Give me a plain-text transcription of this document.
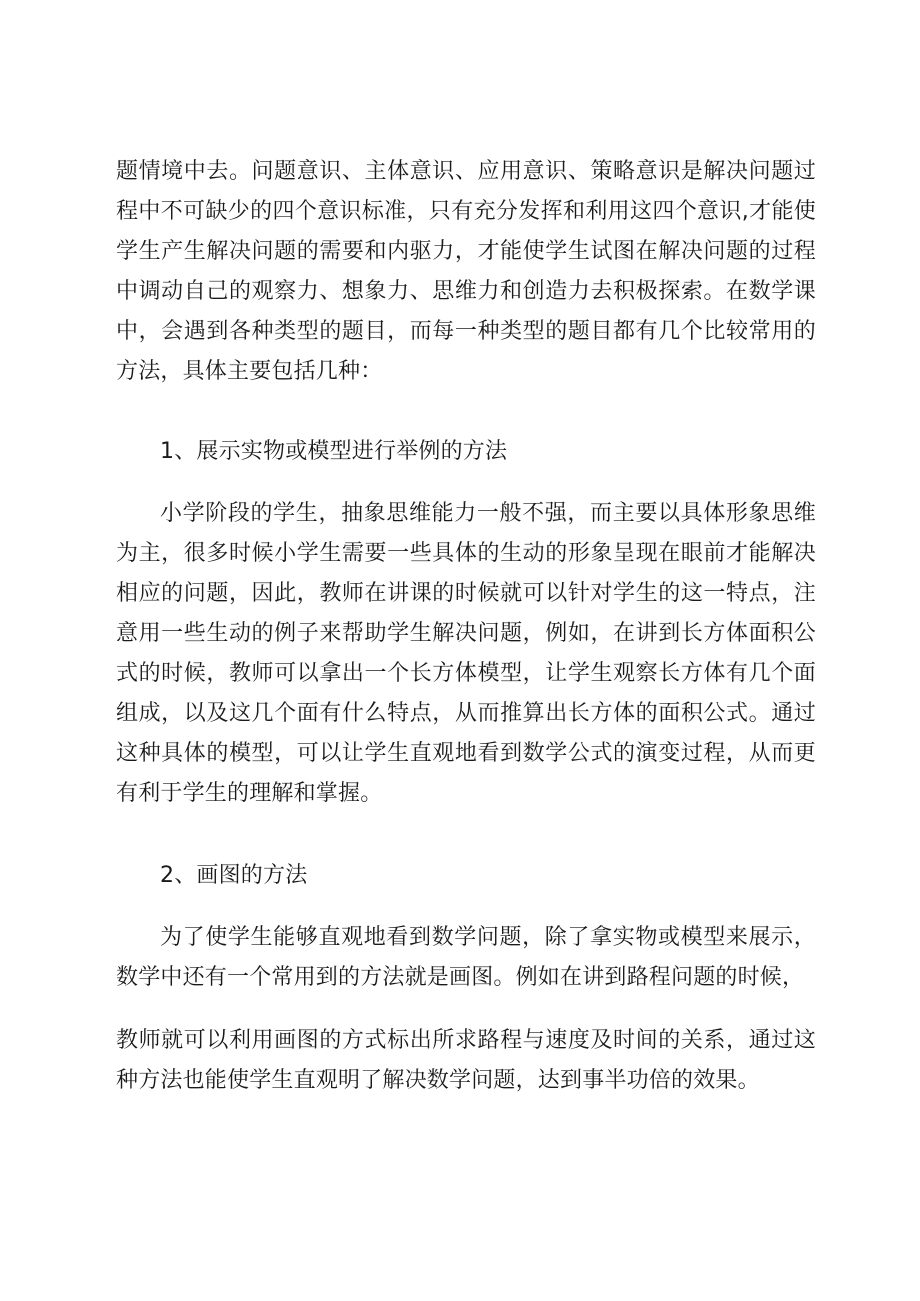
题情境中去。问题意识、主体意识、应用意识、策略意识是解决问题过程中不可缺少的四个意识标准，只有充分发挥和利用这四个意识,才能使学生产生解决问题的需要和内驱力，才能使学生试图在解决问题的过程中调动自己的观察力、想象力、思维力和创造力去积极探索。在数学课中，会遇到各种类型的题目，而每一种类型的题目都有几个比较常用的方法，具体主要包括几种：

1、展示实物或模型进行举例的方法

小学阶段的学生，抽象思维能力一般不强，而主要以具体形象思维为主，很多时候小学生需要一些具体的生动的形象呈现在眼前才能解决相应的问题，因此，教师在讲课的时候就可以针对学生的这一特点，注意用一些生动的例子来帮助学生解决问题，例如，在讲到长方体面积公式的时候，教师可以拿出一个长方体模型，让学生观察长方体有几个面组成，以及这几个面有什么特点，从而推算出长方体的面积公式。通过这种具体的模型，可以让学生直观地看到数学公式的演变过程，从而更有利于学生的理解和掌握。

2、画图的方法

为了使学生能够直观地看到数学问题，除了拿实物或模型来展示，数学中还有一个常用到的方法就是画图。例如在讲到路程问题的时候，

教师就可以利用画图的方式标出所求路程与速度及时间的关系，通过这种方法也能使学生直观明了解决数学问题，达到事半功倍的效果。
